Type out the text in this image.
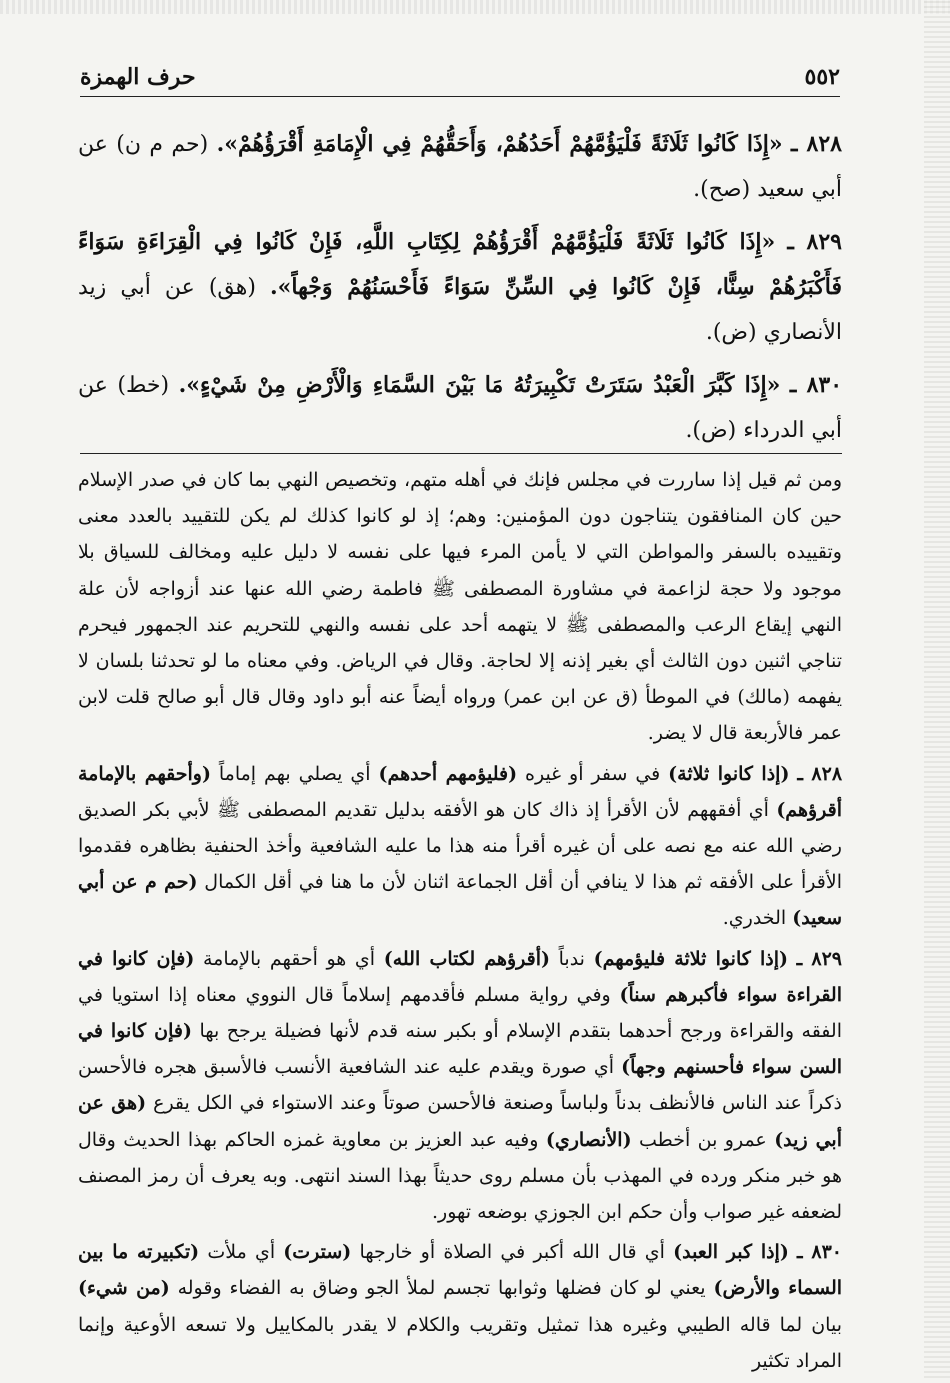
٥٥٢
حرف الهمزة

٨٢٨ ـ «إِذَا كَانُوا ثَلَاثَةً فَلْيَؤُمَّهُمْ أَحَدُهُمْ، وَأَحَقُّهُمْ فِي الْإِمَامَةِ أَقْرَؤُهُمْ». (حم م ن) عن أبي سعيد (صح).

٨٢٩ ـ «إِذَا كَانُوا ثَلَاثَةً فَلْيَؤُمَّهُمْ أَقْرَؤُهُمْ لِكِتَابِ اللَّهِ، فَإِنْ كَانُوا فِي الْقِرَاءَةِ سَوَاءً فَأَكْبَرُهُمْ سِنًّا، فَإِنْ كَانُوا فِي السِّنِّ سَوَاءً فَأَحْسَنُهُمْ وَجْهاً». (هق) عن أبي زيد الأنصاري (ض).

٨٣٠ ـ «إِذَا كَبَّرَ الْعَبْدُ سَتَرَتْ تَكْبِيرَتُهُ مَا بَيْنَ السَّمَاءِ وَالْأَرْضِ مِنْ شَيْءٍ». (خط) عن أبي الدرداء (ض).

ومن ثم قيل إذا ساررت في مجلس فإنك في أهله متهم، وتخصيص النهي بما كان في صدر الإسلام حين كان المنافقون يتناجون دون المؤمنين: وهم؛ إذ لو كانوا كذلك لم يكن للتقييد بالعدد معنى وتقييده بالسفر والمواطن التي لا يأمن المرء فيها على نفسه لا دليل عليه ومخالف للسياق بلا موجود ولا حجة لزاعمة في مشاورة المصطفى ﷺ فاطمة رضي الله عنها عند أزواجه لأن علة النهي إيقاع الرعب والمصطفى ﷺ لا يتهمه أحد على نفسه والنهي للتحريم عند الجمهور فيحرم تناجي اثنين دون الثالث أي بغير إذنه إلا لحاجة. وقال في الرياض. وفي معناه ما لو تحدثنا بلسان لا يفهمه (مالك) في الموطأ (ق عن ابن عمر) ورواه أيضاً عنه أبو داود وقال قال أبو صالح قلت لابن عمر فالأربعة قال لا يضر.

٨٢٨ ـ (إذا كانوا ثلاثة) في سفر أو غيره (فليؤمهم أحدهم) أي يصلي بهم إماماً (وأحقهم بالإمامة أقرؤهم) أي أفقههم لأن الأقرأ إذ ذاك كان هو الأفقه بدليل تقديم المصطفى ﷺ لأبي بكر الصديق رضي الله عنه مع نصه على أن غيره أقرأ منه هذا ما عليه الشافعية وأخذ الحنفية بظاهره فقدموا الأقرأ على الأفقه ثم هذا لا ينافي أن أقل الجماعة اثنان لأن ما هنا في أقل الكمال (حم م عن أبي سعيد) الخدري.

٨٢٩ ـ (إذا كانوا ثلاثة فليؤمهم) ندباً (أقرؤهم لكتاب الله) أي هو أحقهم بالإمامة (فإن كانوا في القراءة سواء فأكبرهم سناً) وفي رواية مسلم فأقدمهم إسلاماً قال النووي معناه إذا استويا في الفقه والقراءة ورجح أحدهما بتقدم الإسلام أو بكبر سنه قدم لأنها فضيلة يرجح بها (فإن كانوا في السن سواء فأحسنهم وجهاً) أي صورة ويقدم عليه عند الشافعية الأنسب فالأسبق هجره فالأحسن ذكراً عند الناس فالأنظف بدناً ولباساً وصنعة فالأحسن صوتاً وعند الاستواء في الكل يقرع (هق عن أبي زيد) عمرو بن أخطب (الأنصاري) وفيه عبد العزيز بن معاوية غمزه الحاكم بهذا الحديث وقال هو خبر منكر ورده في المهذب بأن مسلم روى حديثاً بهذا السند انتهى. وبه يعرف أن رمز المصنف لضعفه غير صواب وأن حكم ابن الجوزي بوضعه تهور.

٨٣٠ ـ (إذا كبر العبد) أي قال الله أكبر في الصلاة أو خارجها (سترت) أي ملأت (تكبيرته ما بين السماء والأرض) يعني لو كان فضلها وثوابها تجسم لملأ الجو وضاق به الفضاء وقوله (من شيء) بيان لما قاله الطيبي وغيره هذا تمثيل وتقريب والكلام لا يقدر بالمكاييل ولا تسعه الأوعية وإنما المراد تكثير
